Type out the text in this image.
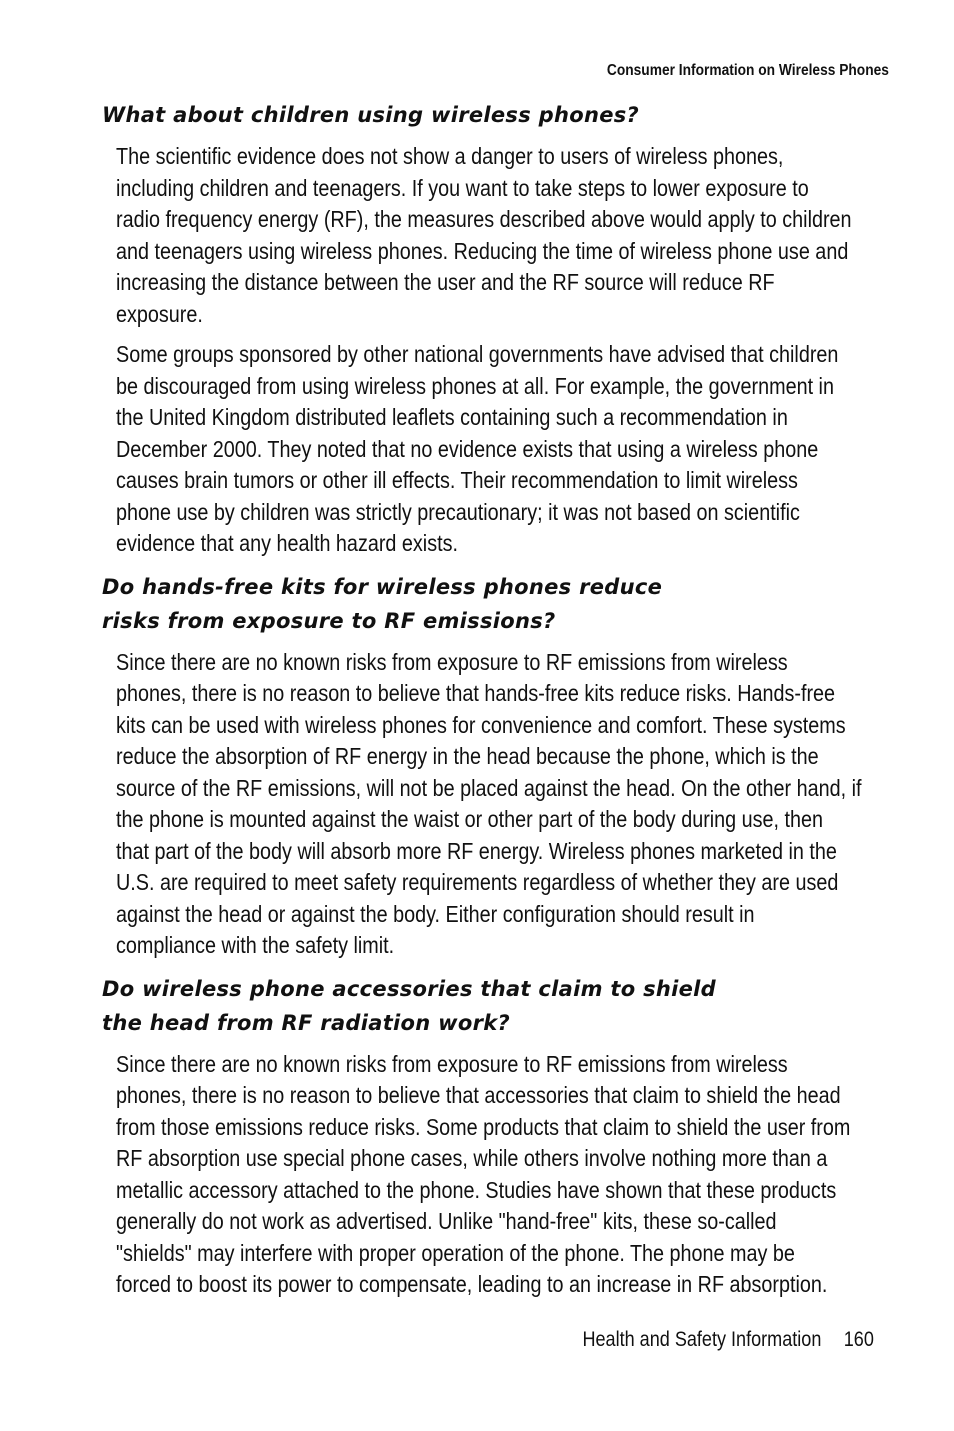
Consumer Information on Wireless Phones
What about children using wireless phones?

The scientific evidence does not show a danger to users of wireless phones,
including children and teenagers. If you want to take steps to lower exposure to
radio frequency energy (RF), the measures described above would apply to children
and teenagers using wireless phones. Reducing the time of wireless phone use and
increasing the distance between the user and the RF source will reduce RF
exposure.

Some groups sponsored by other national governments have advised that children
be discouraged from using wireless phones at all. For example, the government in
the United Kingdom distributed leaflets containing such a recommendation in
December 2000. They noted that no evidence exists that using a wireless phone
causes brain tumors or other ill effects. Their recommendation to limit wireless
phone use by children was strictly precautionary; it was not based on scientific
evidence that any health hazard exists.

Do hands-free kits for wireless phones reduce
risks from exposure to RF emissions?

Since there are no known risks from exposure to RF emissions from wireless
phones, there is no reason to believe that hands-free kits reduce risks. Hands-free
kits can be used with wireless phones for convenience and comfort. These systems
reduce the absorption of RF energy in the head because the phone, which is the
source of the RF emissions, will not be placed against the head. On the other hand, if
the phone is mounted against the waist or other part of the body during use, then
that part of the body will absorb more RF energy. Wireless phones marketed in the
U.S. are required to meet safety requirements regardless of whether they are used
against the head or against the body. Either configuration should result in
compliance with the safety limit.

Do wireless phone accessories that claim to shield
the head from RF radiation work?

Since there are no known risks from exposure to RF emissions from wireless
phones, there is no reason to believe that accessories that claim to shield the head
from those emissions reduce risks. Some products that claim to shield the user from
RF absorption use special phone cases, while others involve nothing more than a
metallic accessory attached to the phone. Studies have shown that these products
generally do not work as advertised. Unlike "hand-free" kits, these so-called
"shields" may interfere with proper operation of the phone. The phone may be
forced to boost its power to compensate, leading to an increase in RF absorption.

Health and Safety Information 160
